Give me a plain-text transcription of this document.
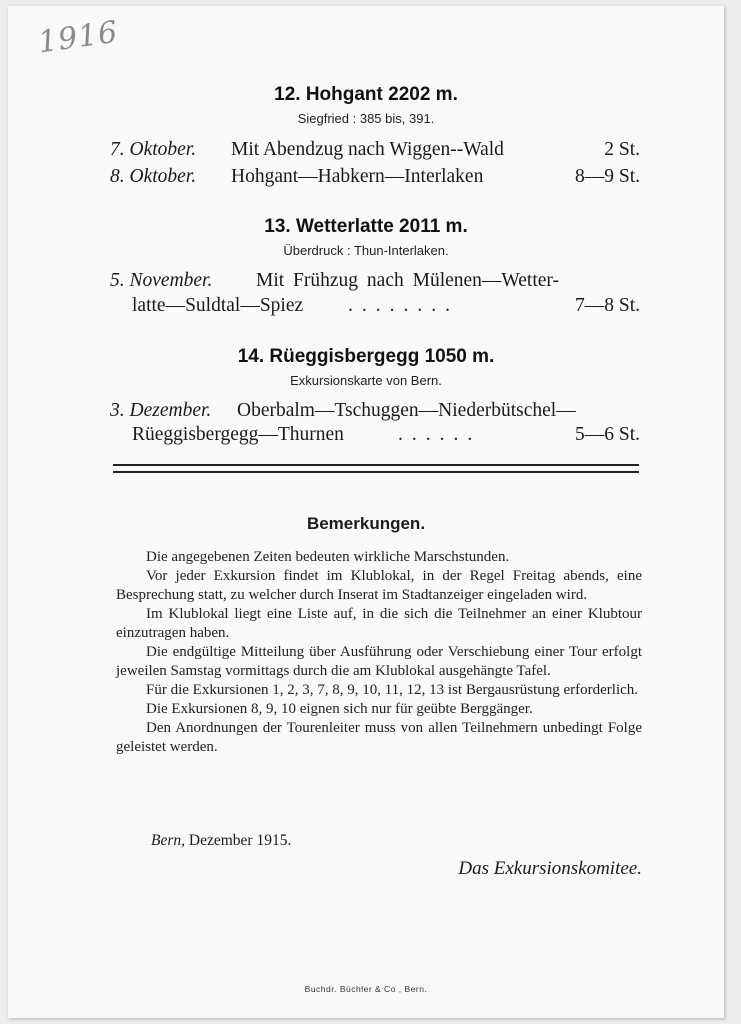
1916
12. Hohgant 2202 m.
Siegfried : 385 bis, 391.
7. Oktober. Mit Abendzug nach Wiggen--Wald	2 St.
8. Oktober. Hohgant—Habkern—Interlaken	8—9 St.
13. Wetterlatte 2011 m.
Überdruck : Thun-Interlaken.
5. November. Mit Frühzug nach Mülenen—Wetter-
latte—Suldtal—Spiez ........	7—8 St.
14. Rüeggisbergegg 1050 m.
Exkursionskarte von Bern.
3. Dezember. Oberbalm—Tschuggen—Niederbütschel—
Rüeggisbergegg—Thurnen	......	5—6 St.
Bemerkungen.

Die angegebenen Zeiten bedeuten wirkliche Marschstunden.

Vor jeder Exkursion findet im Klublokal, in der Regel Freitag abends, eine Besprechung statt, zu welcher durch Inserat im Stadtanzeiger eingeladen wird.

Im Klublokal liegt eine Liste auf, in die sich die Teilnehmer an einer Klubtour einzutragen haben.

Die endgültige Mitteilung über Ausführung oder Verschiebung einer Tour erfolgt jeweilen Samstag vormittags durch die am Klublokal ausgehängte Tafel.

Für die Exkursionen 1, 2, 3, 7, 8, 9, 10, 11, 12, 13 ist Bergausrüstung erforderlich.

Die Exkursionen 8, 9, 10 eignen sich nur für geübte Berggänger.

Den Anordnungen der Tourenleiter muss von allen Teilnehmern unbedingt Folge geleistet werden.

Bern, Dezember 1915.
Das Exkursionskomitee.
Buchdr. Büchler & Co , Bern.
